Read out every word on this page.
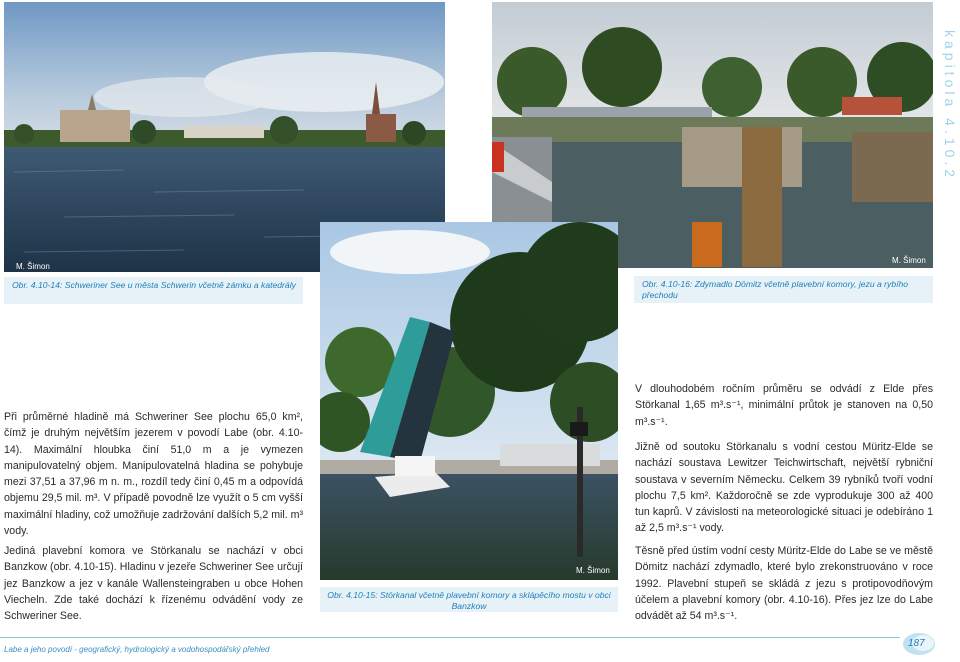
M. Šimon
Obr. 4.10-14: Schweriner See u města Schwerin včetně zámku a katedrály
M. Šimon
Obr. 4.10-16: Zdymadlo Dömitz včetně plavební komory, jezu a rybího přechodu
kapitola 4.10.2
M. Šimon
Obr. 4.10-15: Störkanal včetně plavební komory a sklápěcího mostu v obci Banzkow
Při průměrné hladině má Schweriner See plochu 65,0 km², čímž je druhým největším jezerem v povodí Labe (obr. 4.10-14). Maximální hloubka činí 51,0 m a je vymezen manipulovatelný objem. Manipulovatelná hladina se pohybuje mezi 37,51 a 37,96 m n. m., rozdíl tedy činí 0,45 m a odpovídá objemu 29,5 mil. m³. V případě povodně lze využít o 5 cm vyšší maximální hladiny, což umožňuje zadržování dalších 5,2 mil. m³ vody.
Jediná plavební komora ve Störkanalu se nachází v obci Banzkow (obr. 4.10-15). Hladinu v jezeře Schweriner See určují jez Banzkow a jez v kanále Wallensteingraben u obce Hohen Viecheln. Zde také dochází k řízenému odvádění vody ze Schweriner See.
V dlouhodobém ročním průměru se odvádí z Elde přes Störkanal 1,65 m³.s⁻¹, minimální průtok je stanoven na 0,50 m³.s⁻¹.
Jižně od soutoku Störkanalu s vodní cestou Müritz-Elde se nachází soustava Lewitzer Teichwirtschaft, největší rybniční soustava v severním Německu. Celkem 39 rybníků tvoří vodní plochu 7,5 km². Každoročně se zde vyprodukuje 300 až 400 tun kaprů. V závislosti na meteorologické situaci je odebíráno 1 až 2,5 m³.s⁻¹ vody.
Těsně před ústím vodní cesty Müritz-Elde do Labe se ve městě Dömitz nachází zdymadlo, které bylo zrekonstruováno v roce 1992. Plavební stupeň se skládá z jezu s protipovodňovým účelem a plavební komory (obr. 4.10-16). Přes jez lze do Labe odvádět až 54 m³.s⁻¹.
Labe a jeho povodí - geografický, hydrologický a vodohospodářský přehled
187
